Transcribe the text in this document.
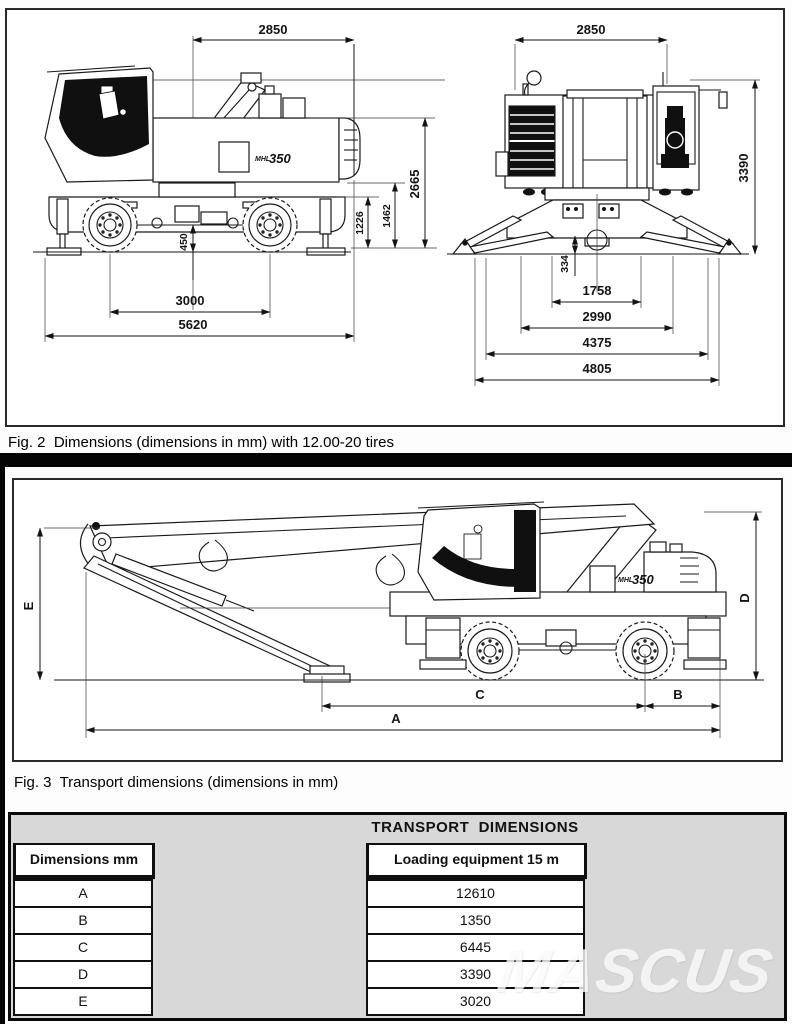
MHL
350
2850
450
3000
5620
1226 1462
2665
2850
3390
334
1758
2990
4375
4805
Fig. 2  Dimensions (dimensions in mm) with 12.00-20 tires
MHL
350
E
D
C	B
A
Fig. 3  Transport dimensions (dimensions in mm)
TRANSPORT  DIMENSIONS
Dimensions mm	Loading equipment 15 m
A	12610
B	1350
C	6445
D	3390
E	3020 MASCUS
